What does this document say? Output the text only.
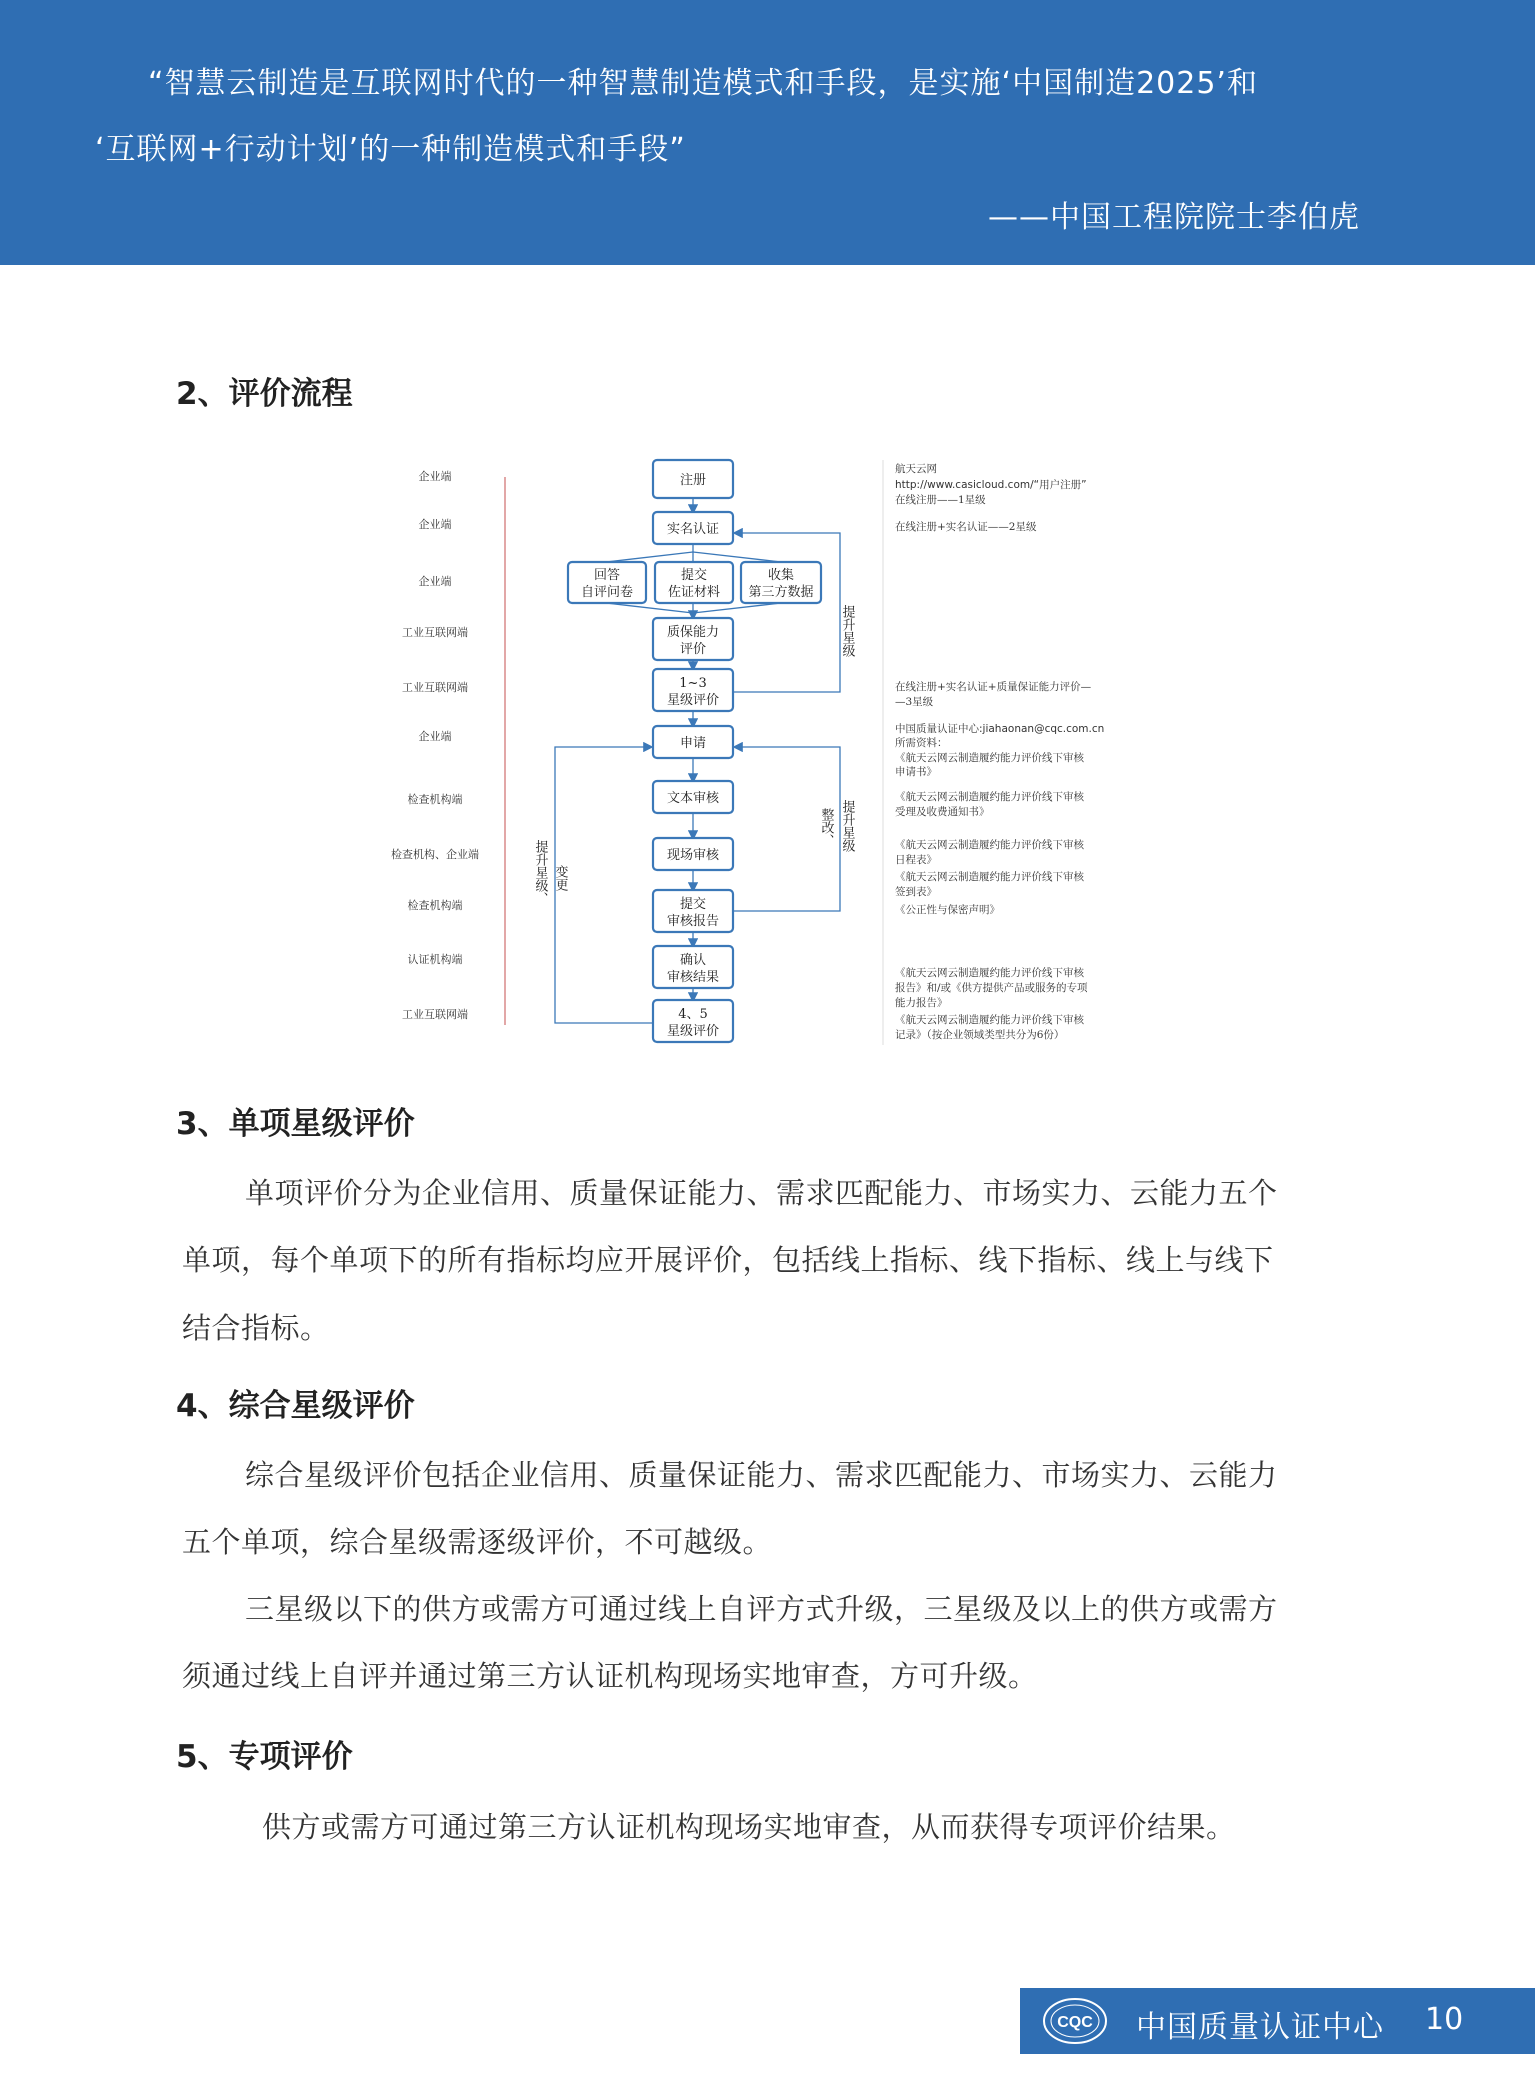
“智慧云制造是互联网时代的一种智慧制造模式和手段，是实施‘中国制造2025’和
‘互联网+行动计划’的一种制造模式和手段”
——中国工程院院士李伯虎
2、评价流程
企业端
企业端
企业端
工业互联网端
工业互联网端
企业端
检查机构端
检查机构、企业端
检查机构端
认证机构端
工业互联网端
注册
实名认证
回答
自评问卷
提交
佐证材料
收集
第三方数据
质保能力
评价
1~3
星级评价
申请
文本审核
现场审核
提交
审核报告
确认
审核结果
4、5
星级评价
提升星级
整改、 提升星级
提升星级、 变更
航天云网
http://www.casicloud.com/“用户注册”
在线注册——1星级
在线注册+实名认证——2星级
在线注册+实名认证+质量保证能力评价—
—3星级
中国质量认证中心:jiahaonan@cqc.com.cn
所需资料：
《航天云网云制造履约能力评价线下审核
申请书》
《航天云网云制造履约能力评价线下审核
受理及收费通知书》
《航天云网云制造履约能力评价线下审核
日程表》
《航天云网云制造履约能力评价线下审核
签到表》
《公正性与保密声明》
《航天云网云制造履约能力评价线下审核
报告》和/或《供方提供产品或服务的专项
能力报告》
《航天云网云制造履约能力评价线下审核
记录》（按企业领域类型共分为6份）
3、单项星级评价
单项评价分为企业信用、质量保证能力、需求匹配能力、市场实力、云能力五个
单项，每个单项下的所有指标均应开展评价，包括线上指标、线下指标、线上与线下
结合指标。
4、综合星级评价
综合星级评价包括企业信用、质量保证能力、需求匹配能力、市场实力、云能力
五个单项，综合星级需逐级评价，不可越级。
三星级以下的供方或需方可通过线上自评方式升级，三星级及以上的供方或需方
须通过线上自评并通过第三方认证机构现场实地审查，方可升级。
5、专项评价
供方或需方可通过第三方认证机构现场实地审查，从而获得专项评价结果。
CQC 中国质量认证中心 10
